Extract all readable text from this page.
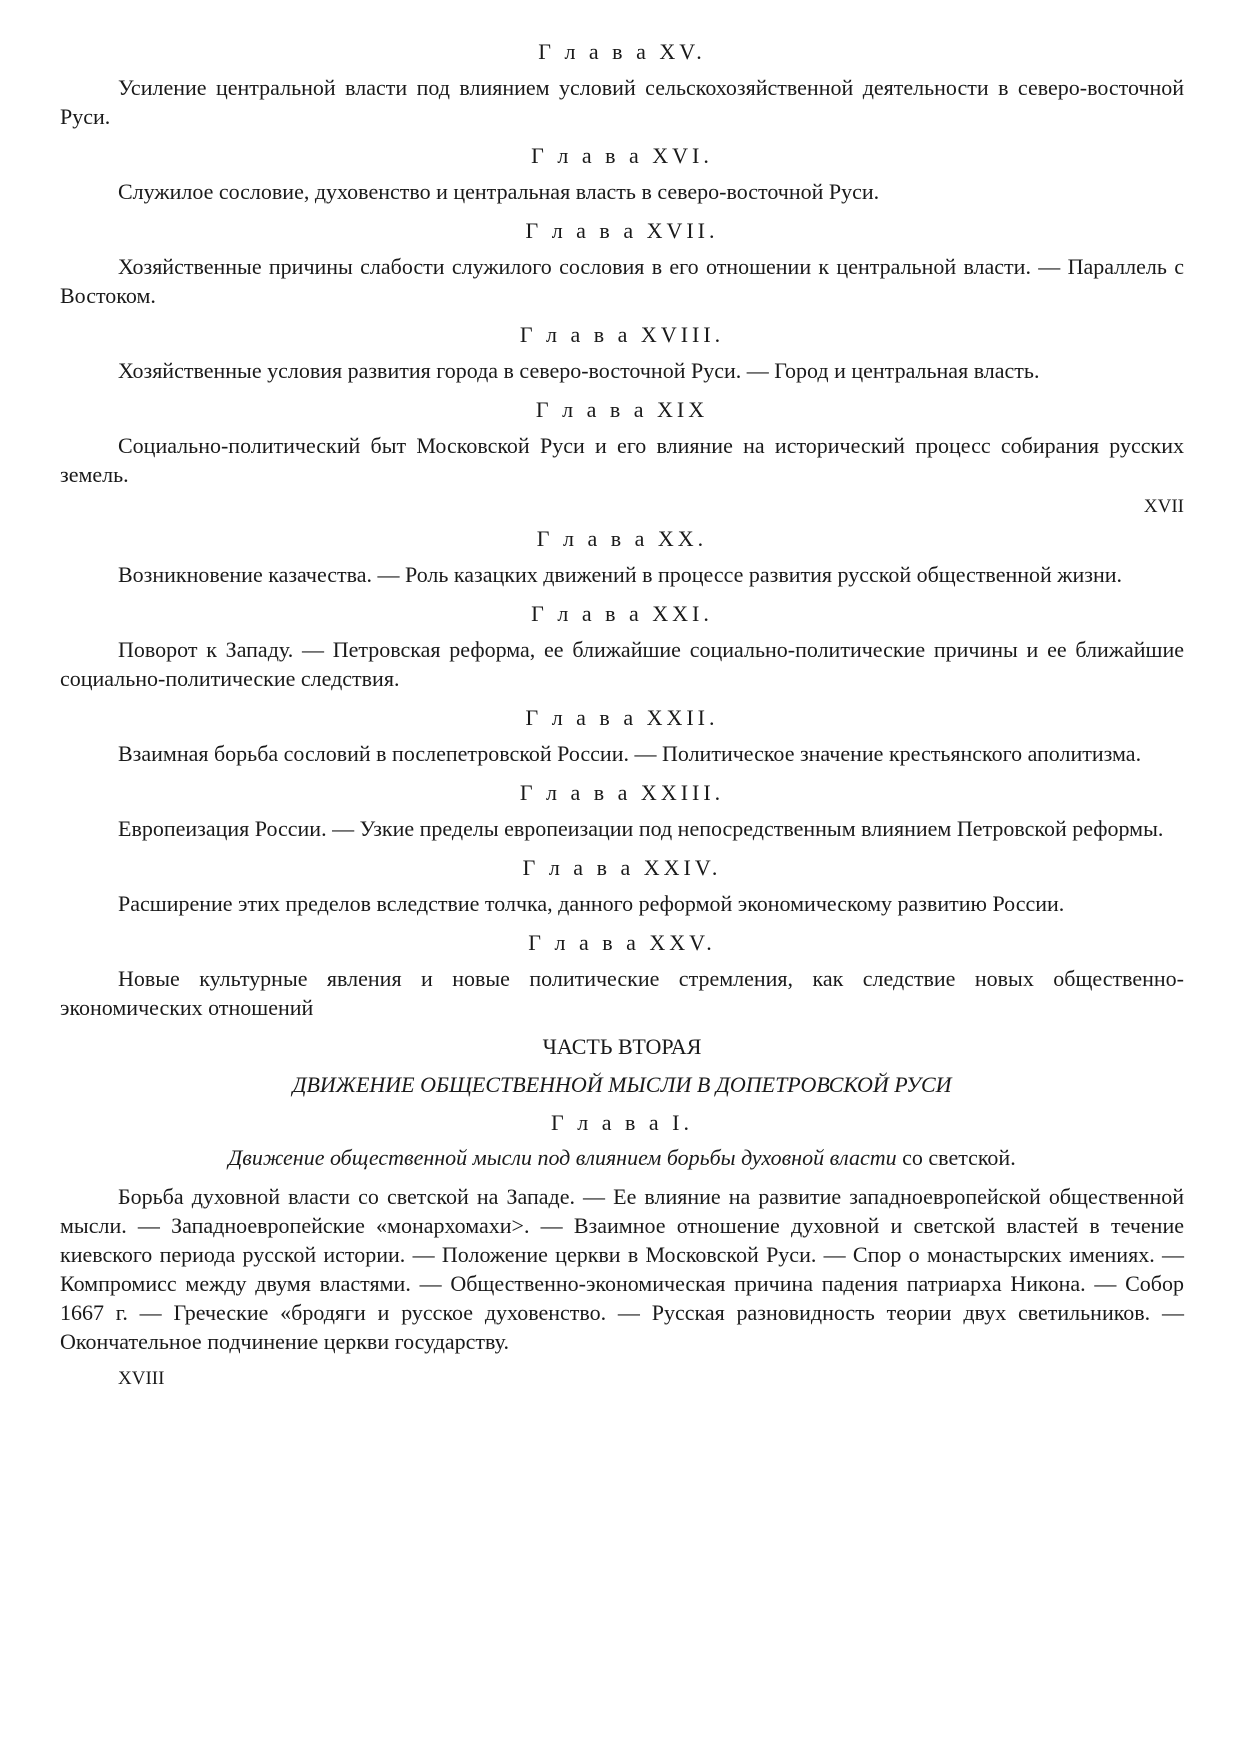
Г л а в а XV.

Усиление центральной власти под влиянием условий сельскохозяйственной деятельности в северо-восточной Руси.

Г л а в а XVI.

Служилое сословие, духовенство и центральная власть в северо-восточной Руси.

Г л а в а XVII.

Хозяйственные причины слабости служилого сословия в его отношении к центральной власти. — Параллель с Востоком.

Г л а в а XVIII.

Хозяйственные условия развития города в северо-восточной Руси. — Город и центральная власть.

Г л а в а XIX

Социально-политический быт Московской Руси и его влияние на исторический процесс собирания русских земель.

XVII
Г л а в а XX.

Возникновение казачества. — Роль казацких движений в процессе развития русской общественной жизни.

Г л а в а XXI.

Поворот к Западу. — Петровская реформа, ее ближайшие социально-политические причины и ее ближайшие социально-политические следствия.

Г л а в а XXII.

Взаимная борьба сословий в послепетровской России. — Политическое значение крестьянского аполитизма.

Г л а в а XXIII.

Европеизация России. — Узкие пределы европеизации под непосредственным влиянием Петровской реформы.

Г л а в а XXIV.

Расширение этих пределов вследствие толчка, данного реформой экономическому развитию России.

Г л а в а XXV.

Новые культурные явления и новые политические стремления, как следствие новых общественно-экономических отношений

ЧАСТЬ ВТОРАЯ
ДВИЖЕНИЕ ОБЩЕСТВЕННОЙ МЫСЛИ В ДОПЕТРОВСКОЙ РУСИ
Г л а в а I.
Движение общественной мысли под влиянием борьбы духовной власти со светской.

Борьба духовной власти со светской на Западе. — Ее влияние на развитие западноевропейской общественной мысли. — Западноевропейские «монархомахи>. — Взаимное отношение духовной и светской властей в течение киевского периода русской истории. — Положение церкви в Московской Руси. — Спор о монастырских имениях. — Компромисс между двумя властями. — Общественно-экономическая причина падения патриарха Никона. — Собор 1667 г. — Греческие «бродяги и русское духовенство. — Русская разновидность теории двух светильников. — Окончательное подчинение церкви государству.

XVIII
